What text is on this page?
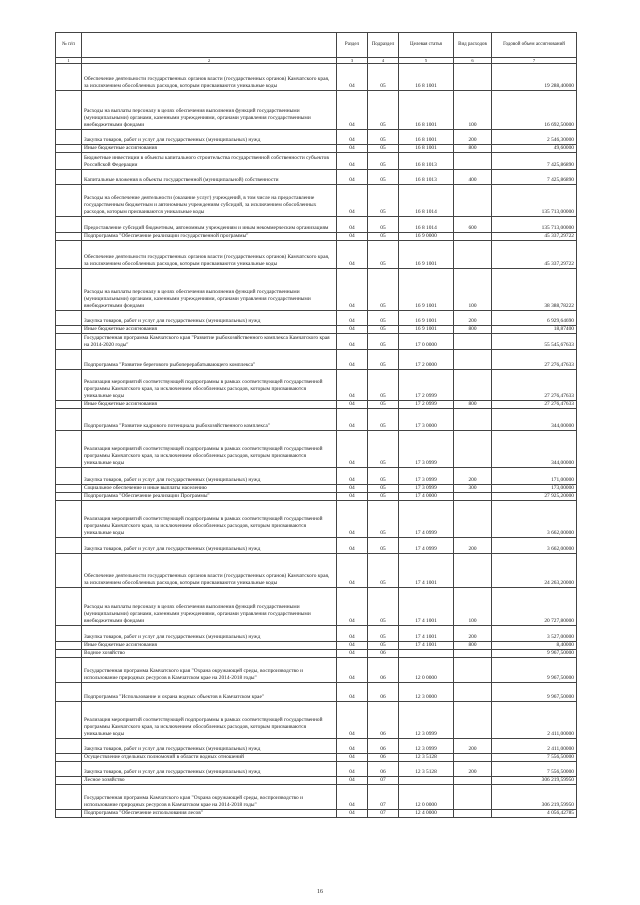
№ п/п		Раздел	Подраздел	Целевая статья	Вид расходов	Годовой объем ассигнований
1	2	3	4	5	6	7
	Обеспечение деятельности государственных органов власти (государственных органов) Камчатского края, за исключением обособленных расходов, которым присваиваются уникальные коды	04	05	16 8 1001		19 288,40000
	Расходы на выплаты персоналу в целях обеспечения выполнения функций государственными (муниципальными) органами, казенными учреждениями, органами управления государственными внебюджетными фондами	04	05	16 8 1001	100	16 692,50000
	Закупка товаров, работ и услуг для государственных (муниципальных) нужд	04	05	16 8 1001	200	2 546,30000
	Иные бюджетные ассигнования	04	05	16 8 1001	800	49,60000
	Бюджетные инвестиции в объекты капитального строительства государственной собственности субъектов Российской Федерации	04	05	16 8 1013		7 425,86890
	Капитальные вложения в объекты государственной (муниципальной) собственности	04	05	16 8 1013	400	7 425,86890
	Расходы на обеспечение деятельности (оказание услуг) учреждений, в том числе на предоставление государственным бюджетным и автономным учреждениям субсидий, за исключением обособленных расходов, которым присваиваются уникальные коды	04	05	16 8 1014		135 713,00000
	Предоставление субсидий бюджетным, автономным учреждениям и иным некоммерческим организациям	04	05	16 8 1014	600	135 713,00000
	Подпрограмма "Обеспечение реализации государственной программы"	04	05	16 9 0000		45 337,29722
	Обеспечение деятельности государственных органов власти (государственных органов) Камчатского края, за исключением обособленных расходов, которым присваиваются уникальные коды	04	05	16 9 1001		45 337,29722
	Расходы на выплаты персоналу в целях обеспечения выполнения функций государственными (муниципальными) органами, казенными учреждениями, органами управления государственными внебюджетными фондами	04	05	16 9 1001	100	38 388,78222
	Закупка товаров, работ и услуг для государственных (муниципальных) нужд	04	05	16 9 1001	200	6 929,64690
	Иные бюджетные ассигнования	04	05	16 9 1001	800	18,87400
	Государственная программа Камчатского края "Развитие рыбохозяйственного комплекса Камчатского края на 2014-2020 годы"	04	05	17 0 0000		55 545,67633
	Подпрограмма "Развитие берегового рыбоперерабатывающего комплекса"	04	05	17 2 0000		27 276,47633
	Реализация мероприятий соответствующей подпрограммы в рамках соответствующей государственной программы Камчатского края, за исключением обособленных расходов, которым присваиваются уникальные коды	04	05	17 2 0999		27 276,47633
	Иные бюджетные ассигнования	04	05	17 2 0999	800	27 276,47633
	Подпрограмма "Развитие кадрового потенциала рыбохозяйственного комплекса"	04	05	17 3 0000		344,00000
	Реализация мероприятий соответствующей подпрограммы в рамках соответствующей государственной программы Камчатского края, за исключением обособленных расходов, которым присваиваются уникальные коды	04	05	17 3 0999		344,00000
	Закупка товаров, работ и услуг для государственных (муниципальных) нужд	04	05	17 3 0999	200	171,00000
	Социальное обеспечение и иные выплаты населению	04	05	17 3 0999	300	173,00000
	Подпрограмма "Обеспечение реализации Программы"	04	05	17 4 0000		27 925,20000
	Реализация мероприятий соответствующей подпрограммы в рамках соответствующей государственной программы Камчатского края, за исключением обособленных расходов, которым присваиваются уникальные коды	04	05	17 4 0999		3 662,00000
	Закупка товаров, работ и услуг для государственных (муниципальных) нужд	04	05	17 4 0999	200	3 662,00000
	Обеспечение деятельности государственных органов власти (государственных органов) Камчатского края, за исключением обособленных расходов, которым присваиваются уникальные коды	04	05	17 4 1001		24 263,20000
	Расходы на выплаты персоналу в целях обеспечения выполнения функций государственными (муниципальными) органами, казенными учреждениями, органами управления государственными внебюджетными фондами	04	05	17 4 1001	100	20 727,80000
	Закупка товаров, работ и услуг для государственных (муниципальных) нужд	04	05	17 4 1001	200	3 527,00000
	Иные бюджетные ассигнования	04	05	17 4 1001	800	8,40000
	Водное хозяйство	04	06			9 967,50000
	Государственная программа Камчатского края "Охрана окружающей среды, воспроизводство и использование природных ресурсов в Камчатском крае на 2014-2018 годы"	04	06	12 0 0000		9 967,50000
	Подпрограмма "Использование и охрана водных объектов в Камчатском крае"	04	06	12 3 0000		9 967,50000
	Реализация мероприятий соответствующей подпрограммы в рамках соответствующей государственной программы Камчатского края, за исключением обособленных расходов, которым присваиваются уникальные коды	04	06	12 3 0999		2 411,00000
	Закупка товаров, работ и услуг для государственных (муниципальных) нужд	04	06	12 3 0999	200	2 411,00000
	Осуществление отдельных полномочий в области водных отношений	04	06	12 3 5128		7 556,50000
	Закупка товаров, работ и услуг для государственных (муниципальных) нужд	04	06	12 3 5128	200	7 556,50000
	Лесное хозяйство	04	07			306 219,59950
	Государственная программа Камчатского края "Охрана окружающей среды, воспроизводство и использование природных ресурсов в Камчатском крае на 2014-2018 годы"	04	07	12 0 0000		306 219,59950
	Подпрограмма "Обеспечение использования лесов"	04	07	12 4 0000		4 056,42785
16
